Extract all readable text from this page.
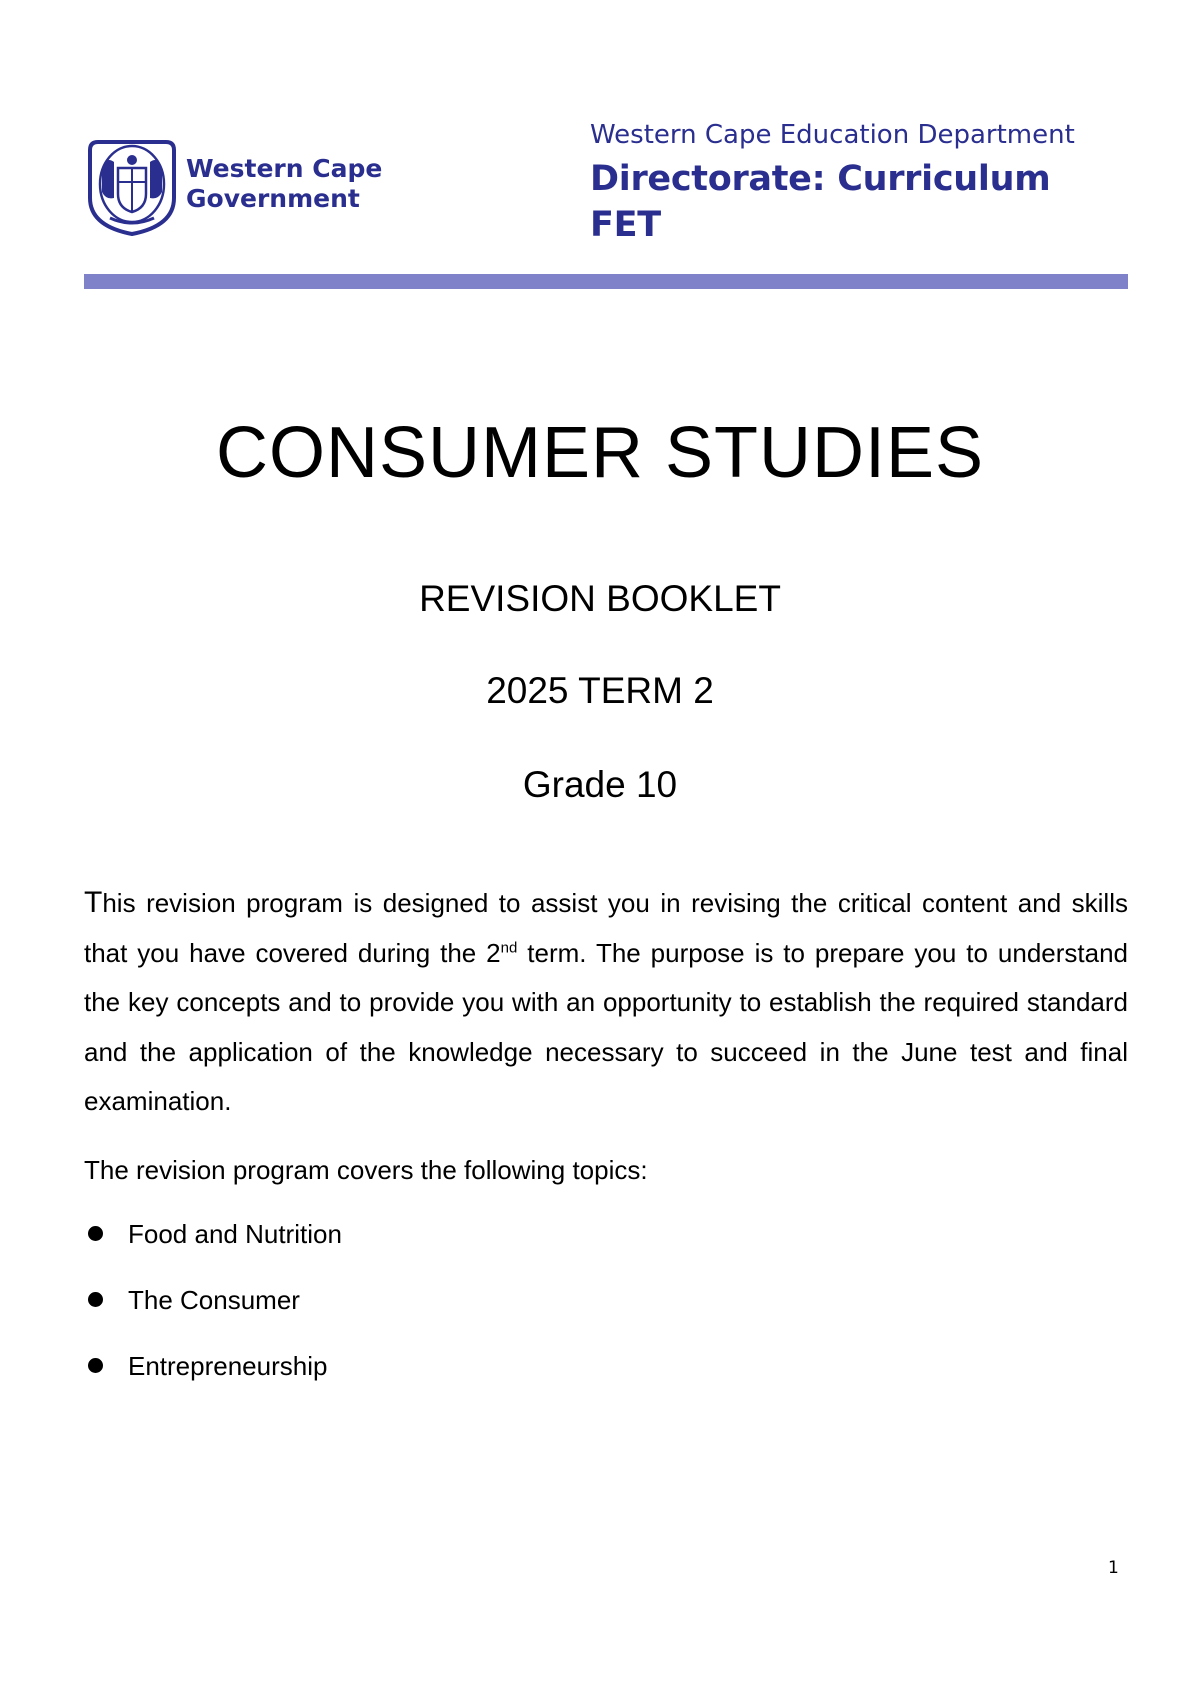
Western Cape
Government
Western Cape Education Department
Directorate: Curriculum FET
CONSUMER STUDIES
REVISION BOOKLET
2025 TERM 2
Grade 10

This revision program is designed to assist you in revising the critical content and skills that you have covered during the 2nd term. The purpose is to prepare you to understand the key concepts and to provide you with an opportunity to establish the required standard and the application of the knowledge necessary to succeed in the June test and final examination.

The revision program covers the following topics:
Food and Nutrition
The Consumer
Entrepreneurship
1
